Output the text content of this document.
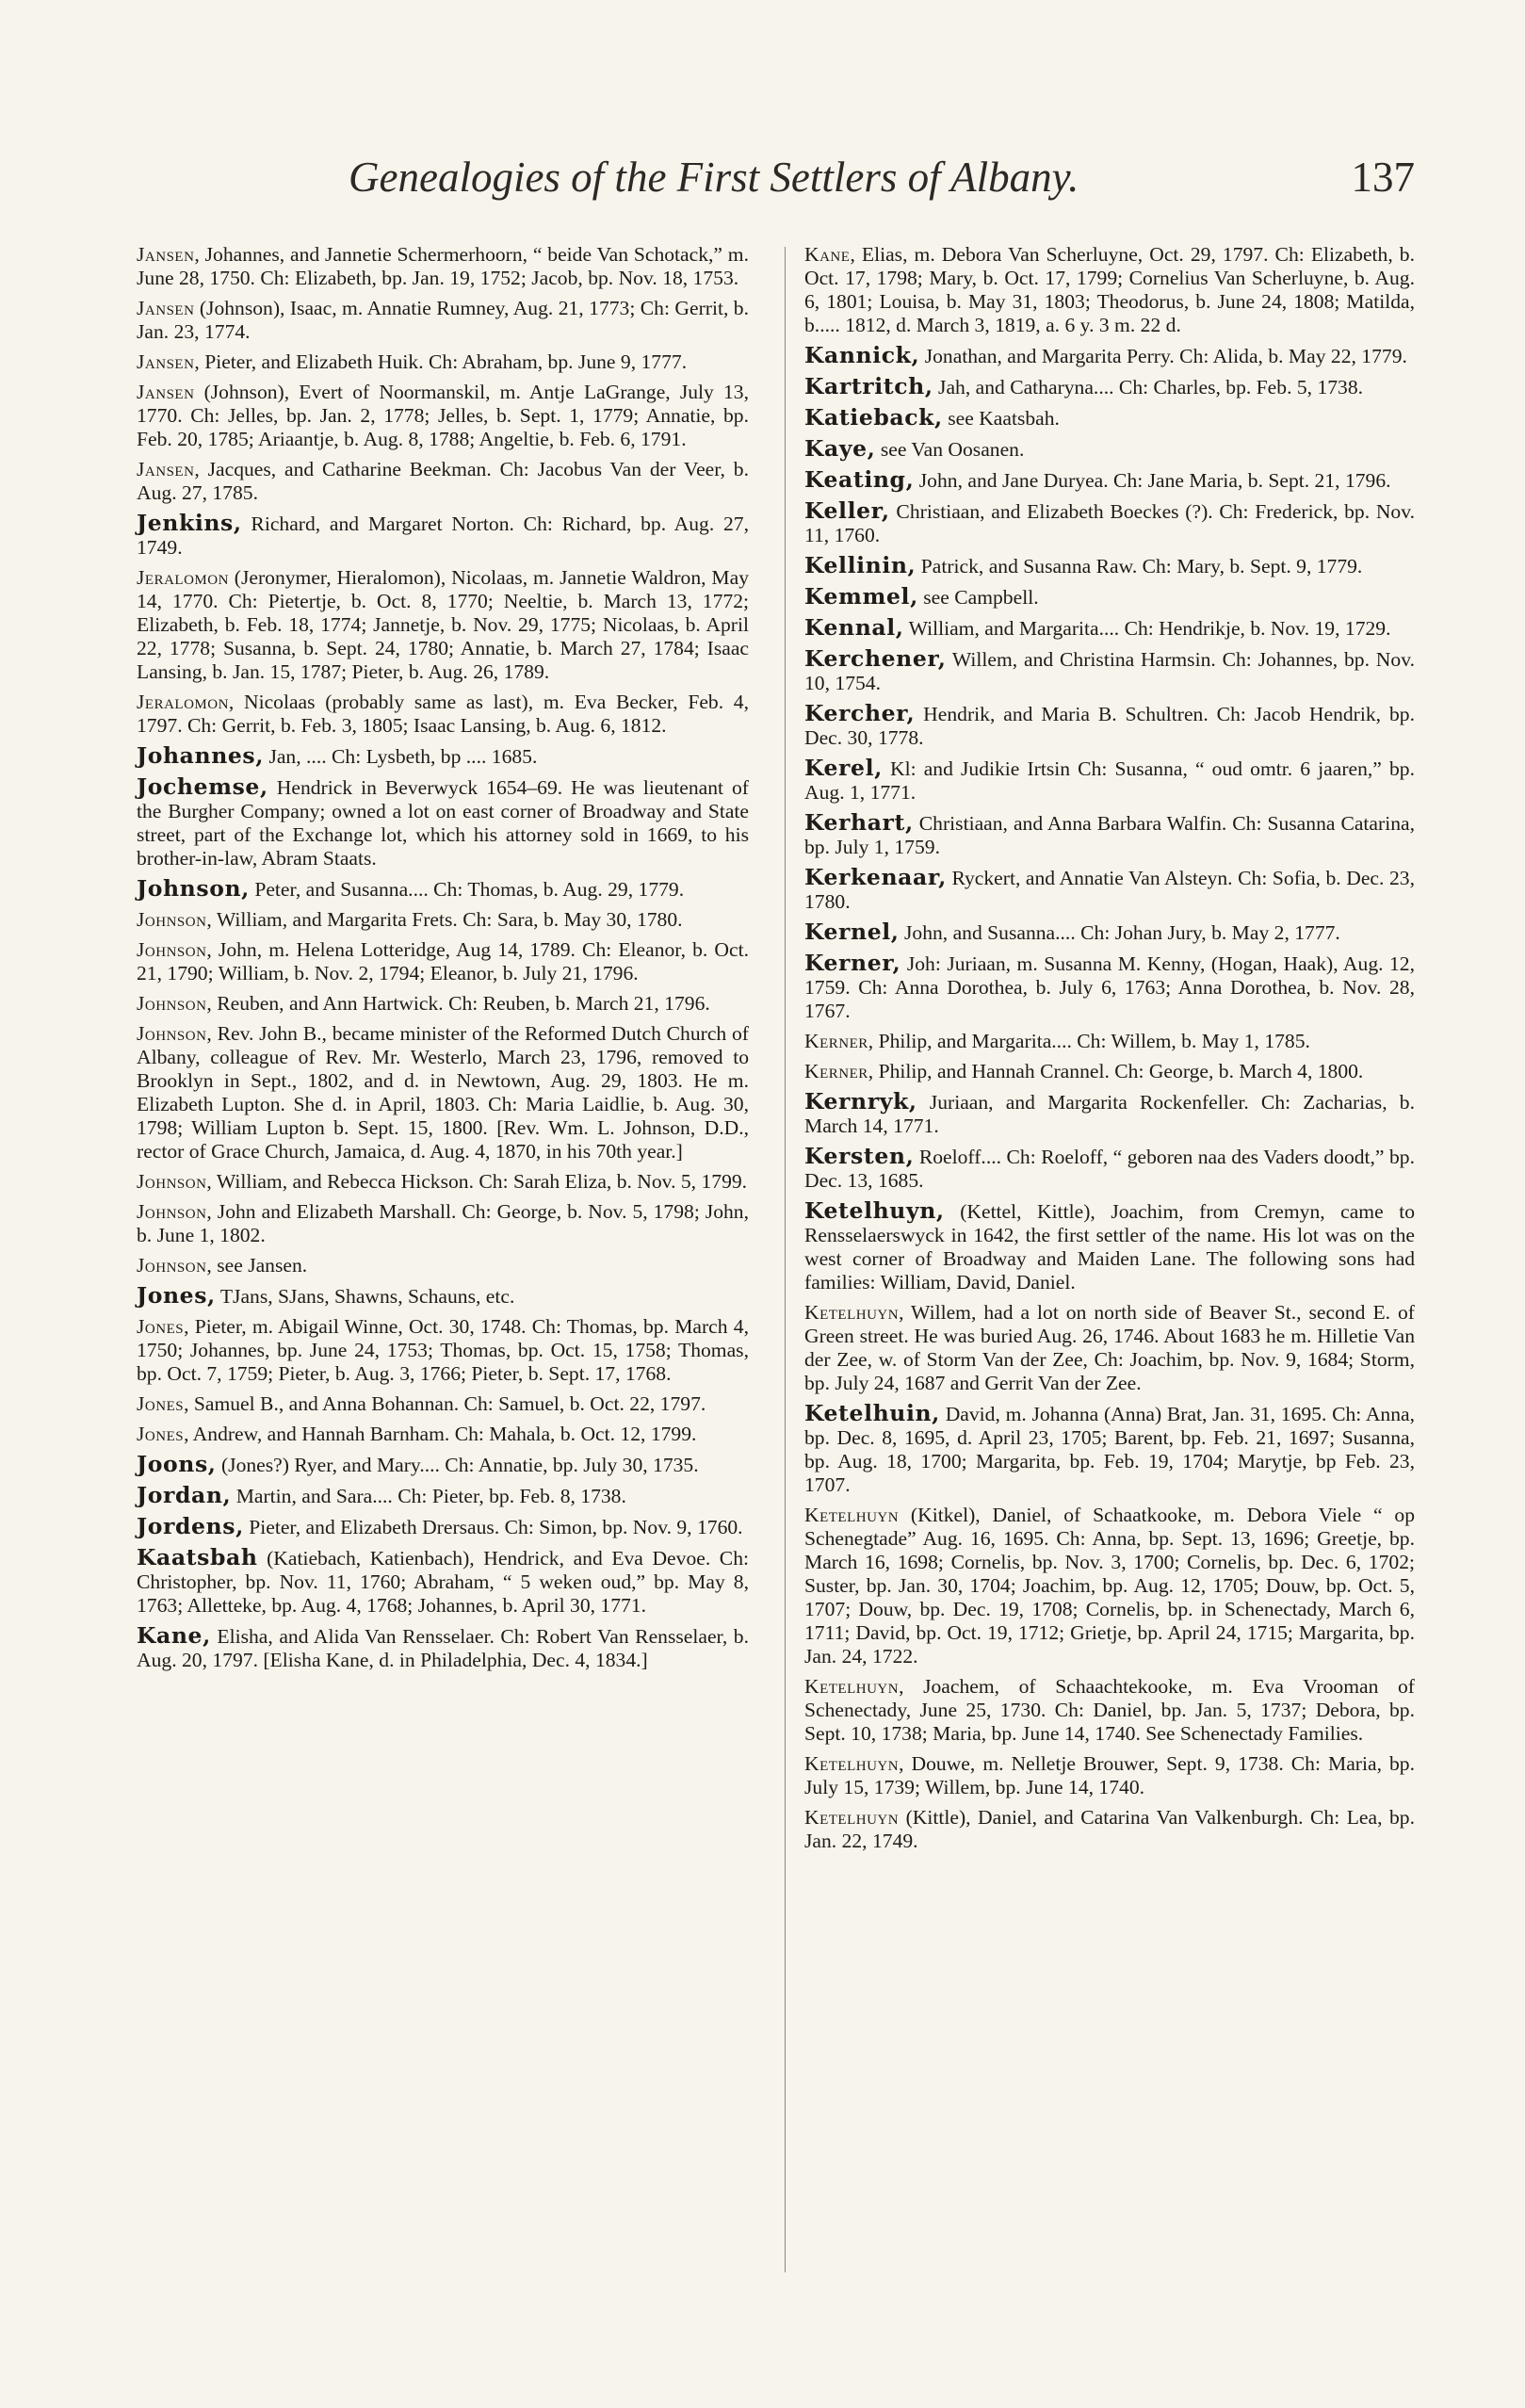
Genealogies of the First Settlers of Albany.	137

Jansen, Johannes, and Jannetie Schermerhoorn, “ beide Van Schotack,” m. June 28, 1750. Ch: Elizabeth, bp. Jan. 19, 1752; Jacob, bp. Nov. 18, 1753.

Jansen (Johnson), Isaac, m. Annatie Rumney, Aug. 21, 1773; Ch: Gerrit, b. Jan. 23, 1774.

Jansen, Pieter, and Elizabeth Huik. Ch: Abraham, bp. June 9, 1777.

Jansen (Johnson), Evert of Noormanskil, m. Antje LaGrange, July 13, 1770. Ch: Jelles, bp. Jan. 2, 1778; Jelles, b. Sept. 1, 1779; Annatie, bp. Feb. 20, 1785; Ariaantje, b. Aug. 8, 1788; Angeltie, b. Feb. 6, 1791.

Jansen, Jacques, and Catharine Beekman. Ch: Jacobus Van der Veer, b. Aug. 27, 1785.

Jenkins, Richard, and Margaret Norton. Ch: Richard, bp. Aug. 27, 1749.

Jeralomon (Jeronymer, Hieralomon), Nicolaas, m. Jannetie Waldron, May 14, 1770. Ch: Pietertje, b. Oct. 8, 1770; Neeltie, b. March 13, 1772; Elizabeth, b. Feb. 18, 1774; Jannetje, b. Nov. 29, 1775; Nicolaas, b. April 22, 1778; Susanna, b. Sept. 24, 1780; Annatie, b. March 27, 1784; Isaac Lansing, b. Jan. 15, 1787; Pieter, b. Aug. 26, 1789.

Jeralomon, Nicolaas (probably same as last), m. Eva Becker, Feb. 4, 1797. Ch: Gerrit, b. Feb. 3, 1805; Isaac Lansing, b. Aug. 6, 1812.

Johannes, Jan, .... Ch: Lysbeth, bp .... 1685.

Jochemse, Hendrick in Beverwyck 1654–69. He was lieutenant of the Burgher Company; owned a lot on east corner of Broadway and State street, part of the Exchange lot, which his attorney sold in 1669, to his brother-in-law, Abram Staats.

Johnson, Peter, and Susanna.... Ch: Thomas, b. Aug. 29, 1779.

Johnson, William, and Margarita Frets. Ch: Sara, b. May 30, 1780.

Johnson, John, m. Helena Lotteridge, Aug 14, 1789. Ch: Eleanor, b. Oct. 21, 1790; William, b. Nov. 2, 1794; Eleanor, b. July 21, 1796.

Johnson, Reuben, and Ann Hartwick. Ch: Reuben, b. March 21, 1796.

Johnson, Rev. John B., became minister of the Reformed Dutch Church of Albany, colleague of Rev. Mr. Westerlo, March 23, 1796, removed to Brooklyn in Sept., 1802, and d. in Newtown, Aug. 29, 1803. He m. Elizabeth Lupton. She d. in April, 1803. Ch: Maria Laidlie, b. Aug. 30, 1798; William Lupton b. Sept. 15, 1800. [Rev. Wm. L. Johnson, D.D., rector of Grace Church, Jamaica, d. Aug. 4, 1870, in his 70th year.]

Johnson, William, and Rebecca Hickson. Ch: Sarah Eliza, b. Nov. 5, 1799.

Johnson, John and Elizabeth Marshall. Ch: George, b. Nov. 5, 1798; John, b. June 1, 1802.

Johnson, see Jansen.

Jones, TJans, SJans, Shawns, Schauns, etc.

Jones, Pieter, m. Abigail Winne, Oct. 30, 1748. Ch: Thomas, bp. March 4, 1750; Johannes, bp. June 24, 1753; Thomas, bp. Oct. 15, 1758; Thomas, bp. Oct. 7, 1759; Pieter, b. Aug. 3, 1766; Pieter, b. Sept. 17, 1768.

Jones, Samuel B., and Anna Bohannan. Ch: Samuel, b. Oct. 22, 1797.

Jones, Andrew, and Hannah Barnham. Ch: Mahala, b. Oct. 12, 1799.

Joons, (Jones?) Ryer, and Mary.... Ch: Annatie, bp. July 30, 1735.

Jordan, Martin, and Sara.... Ch: Pieter, bp. Feb. 8, 1738.

Jordens, Pieter, and Elizabeth Drersaus. Ch: Simon, bp. Nov. 9, 1760.

Kaatsbah (Katiebach, Katienbach), Hendrick, and Eva Devoe. Ch: Christopher, bp. Nov. 11, 1760; Abraham, “ 5 weken oud,” bp. May 8, 1763; Alletteke, bp. Aug. 4, 1768; Johannes, b. April 30, 1771.

Kane, Elisha, and Alida Van Rensselaer. Ch: Robert Van Rensselaer, b. Aug. 20, 1797. [Elisha Kane, d. in Philadelphia, Dec. 4, 1834.]

Kane, Elias, m. Debora Van Scherluyne, Oct. 29, 1797. Ch: Elizabeth, b. Oct. 17, 1798; Mary, b. Oct. 17, 1799; Cornelius Van Scherluyne, b. Aug. 6, 1801; Louisa, b. May 31, 1803; Theodorus, b. June 24, 1808; Matilda, b..... 1812, d. March 3, 1819, a. 6 y. 3 m. 22 d.

Kannick, Jonathan, and Margarita Perry. Ch: Alida, b. May 22, 1779.

Kartritch, Jah, and Catharyna.... Ch: Charles, bp. Feb. 5, 1738.

Katieback, see Kaatsbah.

Kaye, see Van Oosanen.

Keating, John, and Jane Duryea. Ch: Jane Maria, b. Sept. 21, 1796.

Keller, Christiaan, and Elizabeth Boeckes (?). Ch: Frederick, bp. Nov. 11, 1760.

Kellinin, Patrick, and Susanna Raw. Ch: Mary, b. Sept. 9, 1779.

Kemmel, see Campbell.

Kennal, William, and Margarita.... Ch: Hendrikje, b. Nov. 19, 1729.

Kerchener, Willem, and Christina Harmsin. Ch: Johannes, bp. Nov. 10, 1754.

Kercher, Hendrik, and Maria B. Schultren. Ch: Jacob Hendrik, bp. Dec. 30, 1778.

Kerel, Kl: and Judikie Irtsin Ch: Susanna, “ oud omtr. 6 jaaren,” bp. Aug. 1, 1771.

Kerhart, Christiaan, and Anna Barbara Walfin. Ch: Susanna Catarina, bp. July 1, 1759.

Kerkenaar, Ryckert, and Annatie Van Alsteyn. Ch: Sofia, b. Dec. 23, 1780.

Kernel, John, and Susanna.... Ch: Johan Jury, b. May 2, 1777.

Kerner, Joh: Juriaan, m. Susanna M. Kenny, (Hogan, Haak), Aug. 12, 1759. Ch: Anna Dorothea, b. July 6, 1763; Anna Dorothea, b. Nov. 28, 1767.

Kerner, Philip, and Margarita.... Ch: Willem, b. May 1, 1785.

Kerner, Philip, and Hannah Crannel. Ch: George, b. March 4, 1800.

Kernryk, Juriaan, and Margarita Rockenfeller. Ch: Zacharias, b. March 14, 1771.

Kersten, Roeloff.... Ch: Roeloff, “ geboren naa des Vaders doodt,” bp. Dec. 13, 1685.

Ketelhuyn, (Kettel, Kittle), Joachim, from Cremyn, came to Rensselaerswyck in 1642, the first settler of the name. His lot was on the west corner of Broadway and Maiden Lane. The following sons had families: William, David, Daniel.

Ketelhuyn, Willem, had a lot on north side of Beaver St., second E. of Green street. He was buried Aug. 26, 1746. About 1683 he m. Hilletie Van der Zee, w. of Storm Van der Zee, Ch: Joachim, bp. Nov. 9, 1684; Storm, bp. July 24, 1687 and Gerrit Van der Zee.

Ketelhuin, David, m. Johanna (Anna) Brat, Jan. 31, 1695. Ch: Anna, bp. Dec. 8, 1695, d. April 23, 1705; Barent, bp. Feb. 21, 1697; Susanna, bp. Aug. 18, 1700; Margarita, bp. Feb. 19, 1704; Marytje, bp Feb. 23, 1707.

Ketelhuyn (Kitkel), Daniel, of Schaatkooke, m. Debora Viele “ op Schenegtade” Aug. 16, 1695. Ch: Anna, bp. Sept. 13, 1696; Greetje, bp. March 16, 1698; Cornelis, bp. Nov. 3, 1700; Cornelis, bp. Dec. 6, 1702; Suster, bp. Jan. 30, 1704; Joachim, bp. Aug. 12, 1705; Douw, bp. Oct. 5, 1707; Douw, bp. Dec. 19, 1708; Cornelis, bp. in Schenectady, March 6, 1711; David, bp. Oct. 19, 1712; Grietje, bp. April 24, 1715; Margarita, bp. Jan. 24, 1722.

Ketelhuyn, Joachem, of Schaachtekooke, m. Eva Vrooman of Schenectady, June 25, 1730. Ch: Daniel, bp. Jan. 5, 1737; Debora, bp. Sept. 10, 1738; Maria, bp. June 14, 1740. See Schenectady Families.

Ketelhuyn, Douwe, m. Nelletje Brouwer, Sept. 9, 1738. Ch: Maria, bp. July 15, 1739; Willem, bp. June 14, 1740.

Ketelhuyn (Kittle), Daniel, and Catarina Van Valkenburgh. Ch: Lea, bp. Jan. 22, 1749.
